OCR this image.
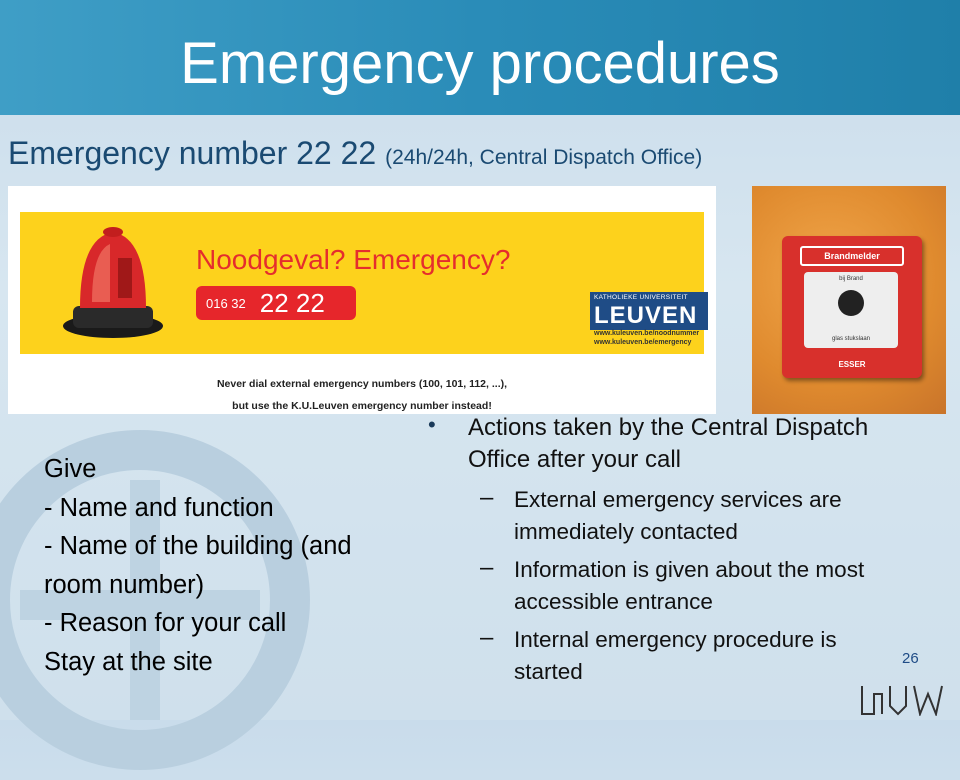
Emergency procedures
Emergency number 22 22 (24h/24h, Central Dispatch Office)
Noodgeval? Emergency?
016 32 22 22	KATHOLIEKE UNIVERSITEIT
LEUVEN
www.kuleuven.be/noodnummer
www.kuleuven.be/emergency
Never dial external emergency numbers (100, 101, 112, ...),
but use the K.U.Leuven emergency number instead!
Brandmelder
bij Brand
glas stukslaan
ESSER
Give
- Name and function
- Name of the building (and
room number)
- Reason for your call
Stay at the site
• Actions taken by the Central Dispatch
Office after your call
– External emergency services are
immediately contacted
– Information is given about the most
accessible entrance
– Internal emergency procedure is
started
26
